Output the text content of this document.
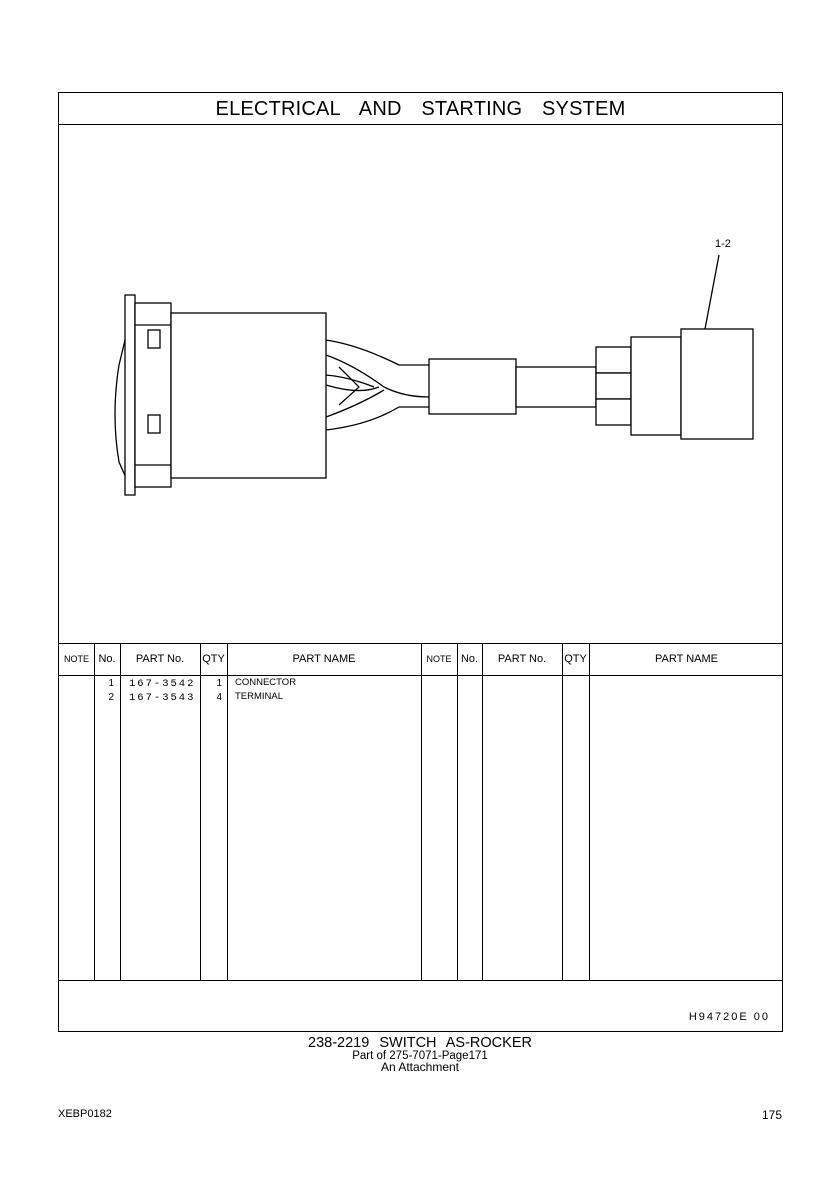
ELECTRICAL AND STARTING SYSTEM
1-2
NOTE No.	PART No.	QTY	PART NAME	NOTE No.	PART No.	QTY	PART NAME
1 167-3542	1 CONNECTOR
2 167-3543	4 TERMINAL
H94720E 00
238-2219 SWITCH AS-ROCKER
Part of 275-7071-Page171
An Attachment
XEBP0182	175
